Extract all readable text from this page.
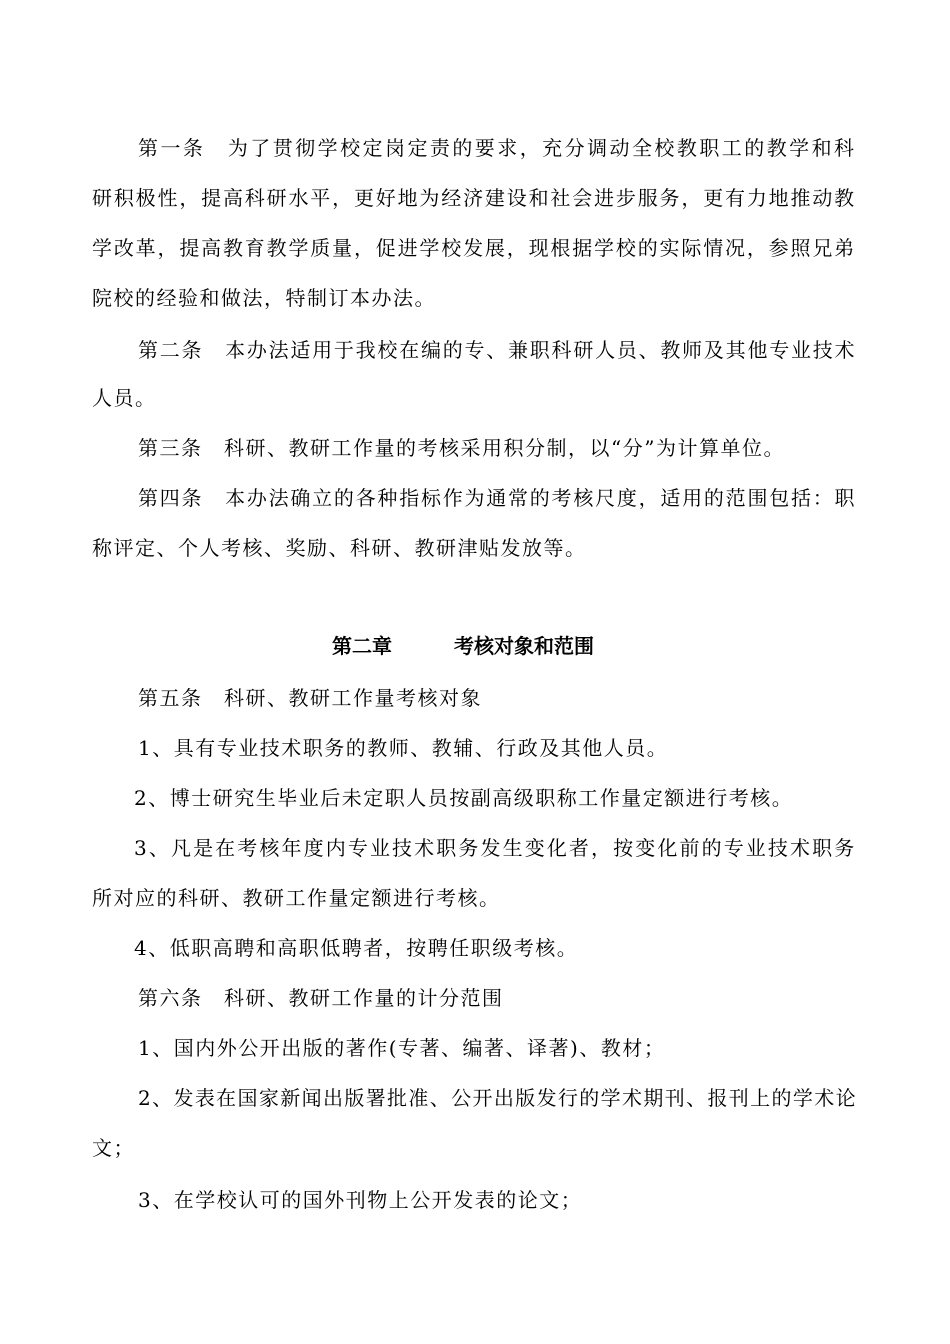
第 一 条
　 为 了 贯 彻 学 校 定 岗 定 责 的 要 求 ， 充 分 调 动 全 校 教 职 工 的 教 学 和 科
研 积 极 性 ， 提 高 科 研 水 平 ， 更 好 地 为 经 济 建 设 和 社 会 进 步 服 务 ， 更 有 力 地 推 动 教
学 改 革 ， 提 高 教 育 教 学 质 量 ， 促 进 学 校 发 展 ， 现 根 据 学 校 的 实 际 情 况 ， 参 照 兄 弟
院校的经验和做法，特制订本办法。
第 二 条
　 本 办 法 适 用 于 我 校 在 编 的 专 、 兼 职 科 研 人 员 、 教 师 及 其 他 专 业 技 术
人员。
第三条　科研、教研工作量的考核采用积分制，以“分”为计算单位。
第 四 条
　 本 办 法 确 立 的 各 种 指 标 作 为 通 常 的 考 核 尺 度 ， 适 用 的 范 围 包 括 ： 职
称评定、个人考核、奖励、科研、教研津贴发放等。
第二章	考核对象和范围
第五条　科研、教研工作量考核对象
1、具有专业技术职务的教师、教辅、行政及其他人员。
2、博士研究生毕业后未定职人员按副高级职称工作量定额进行考核。
3 、 凡 是 在 考 核 年 度 内 专 业 技 术 职 务 发 生 变 化 者 ， 按 变 化 前 的 专 业 技 术 职 务
所对应的科研、教研工作量定额进行考核。
4、低职高聘和高职低聘者，按聘任职级考核。
第六条　科研、教研工作量的计分范围
1、国内外公开出版的著作(专著、编著、译著)、教材；
2 、 发 表 在 国 家 新 闻 出 版 署 批 准 、 公 开 出 版 发 行 的 学 术 期 刊 、 报 刊 上 的 学 术 论
文；
3、在学校认可的国外刊物上公开发表的论文；
